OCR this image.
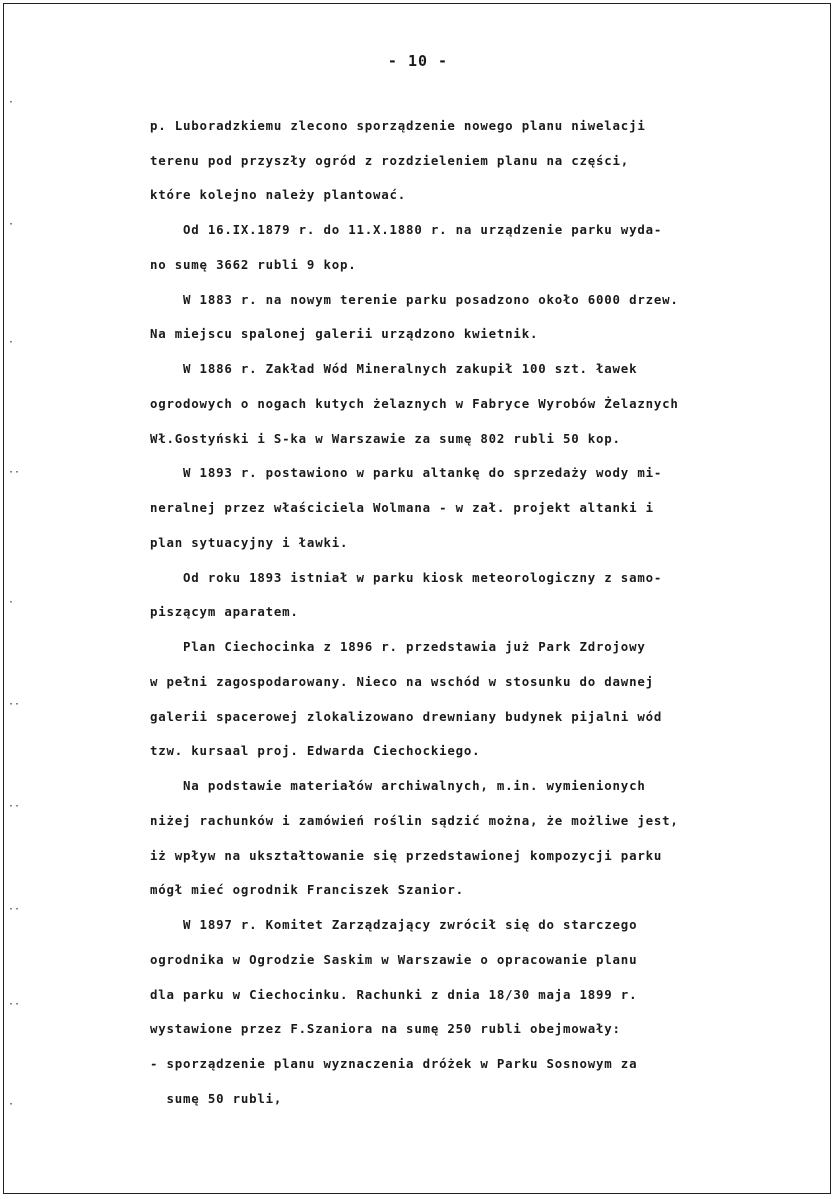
- 10 -
p. Luboradzkiemu zlecono sporządzenie nowego planu niwelacji
terenu pod przyszły ogród z rozdzieleniem planu na części,
które kolejno należy plantować.
Od 16.IX.1879 r. do 11.X.1880 r. na urządzenie parku wyda-
no sumę 3662 rubli 9 kop.
W 1883 r. na nowym terenie parku posadzono około 6000 drzew.
Na miejscu spalonej galerii urządzono kwietnik.
W 1886 r. Zakład Wód Mineralnych zakupił 100 szt. ławek
ogrodowych o nogach kutych żelaznych w Fabryce Wyrobów Żelaznych
Wł.Gostyński i S-ka w Warszawie za sumę 802 rubli 50 kop.
W 1893 r. postawiono w parku altankę do sprzedaży wody mi-
neralnej przez właściciela Wolmana - w zał. projekt altanki i
plan sytuacyjny i ławki.
Od roku 1893 istniał w parku kiosk meteorologiczny z samo-
piszącym aparatem.
Plan Ciechocinka z 1896 r. przedstawia już Park Zdrojowy
w pełni zagospodarowany. Nieco na wschód w stosunku do dawnej
galerii spacerowej zlokalizowano drewniany budynek pijalni wód
tzw. kursaal proj. Edwarda Ciechockiego.
Na podstawie materiałów archiwalnych, m.in. wymienionych
niżej rachunków i zamówień roślin sądzić można, że możliwe jest,
iż wpływ na ukształtowanie się przedstawionej kompozycji parku
mógł mieć ogrodnik Franciszek Szanior.
W 1897 r. Komitet Zarządzający zwrócił się do starczego
ogrodnika w Ogrodzie Saskim w Warszawie o opracowanie planu
dla parku w Ciechocinku. Rachunki z dnia 18/30 maja 1899 r.
wystawione przez F.Szaniora na sumę 250 rubli obejmowały:
- sporządzenie planu wyznaczenia dróżek w Parku Sosnowym za
sumę 50 rubli,
·
·
·
··
·
··
··
··
··
·
